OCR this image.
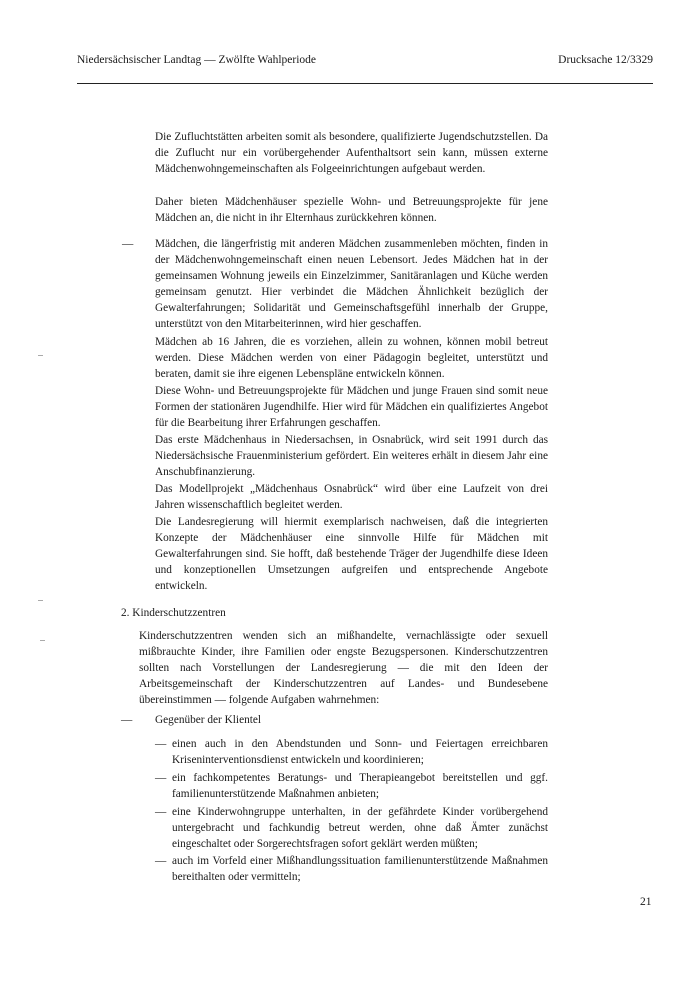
Niedersächsischer Landtag — Zwölfte Wahlperiode	Drucksache 12/3329

Die Zufluchtstätten arbeiten somit als besondere, qualifizierte Jugendschutzstellen. Da die Zuflucht nur ein vorübergehender Aufenthaltsort sein kann, müssen externe Mädchenwohngemeinschaften als Folgeeinrichtungen aufgebaut werden.

Daher bieten Mädchenhäuser spezielle Wohn- und Betreuungsprojekte für jene Mädchen an, die nicht in ihr Elternhaus zurückkehren können.

— Mädchen, die längerfristig mit anderen Mädchen zusammenleben möchten, finden in der Mädchenwohngemeinschaft einen neuen Lebensort. Jedes Mädchen hat in der gemeinsamen Wohnung jeweils ein Einzelzimmer, Sanitäranlagen und Küche werden gemeinsam genutzt. Hier verbindet die Mädchen Ähnlichkeit bezüglich der Gewalterfahrungen; Solidarität und Gemeinschaftsgefühl innerhalb der Gruppe, unterstützt von den Mitarbeiterinnen, wird hier geschaffen.

Mädchen ab 16 Jahren, die es vorziehen, allein zu wohnen, können mobil betreut werden. Diese Mädchen werden von einer Pädagogin begleitet, unterstützt und beraten, damit sie ihre eigenen Lebenspläne entwickeln können.

Diese Wohn- und Betreuungsprojekte für Mädchen und junge Frauen sind somit neue Formen der stationären Jugendhilfe. Hier wird für Mädchen ein qualifiziertes Angebot für die Bearbeitung ihrer Erfahrungen geschaffen.

Das erste Mädchenhaus in Niedersachsen, in Osnabrück, wird seit 1991 durch das Niedersächsische Frauenministerium gefördert. Ein weiteres erhält in diesem Jahr eine Anschubfinanzierung.

Das Modellprojekt „Mädchenhaus Osnabrück“ wird über eine Laufzeit von drei Jahren wissenschaftlich begleitet werden.

Die Landesregierung will hiermit exemplarisch nachweisen, daß die integrierten Konzepte der Mädchenhäuser eine sinnvolle Hilfe für Mädchen mit Gewalterfahrungen sind. Sie hofft, daß bestehende Träger der Jugendhilfe diese Ideen und konzeptionellen Umsetzungen aufgreifen und entsprechende Angebote entwickeln.

2. Kinderschutzzentren

Kinderschutzzentren wenden sich an mißhandelte, vernachlässigte oder sexuell mißbrauchte Kinder, ihre Familien oder engste Bezugspersonen. Kinderschutzzentren sollten nach Vorstellungen der Landesregierung — die mit den Ideen der Arbeitsgemeinschaft der Kinderschutzzentren auf Landes- und Bundesebene übereinstimmen — folgende Aufgaben wahrnehmen:

— Gegenüber der Klientel

— einen auch in den Abendstunden und Sonn- und Feiertagen erreichbaren Kriseninterventionsdienst entwickeln und koordinieren;

— ein fachkompetentes Beratungs- und Therapieangebot bereitstellen und ggf. familienunterstützende Maßnahmen anbieten;

— eine Kinderwohngruppe unterhalten, in der gefährdete Kinder vorübergehend untergebracht und fachkundig betreut werden, ohne daß Ämter zunächst eingeschaltet oder Sorgerechtsfragen sofort geklärt werden müßten;

— auch im Vorfeld einer Mißhandlungssituation familienunterstützende Maßnahmen bereithalten oder vermitteln;

21
